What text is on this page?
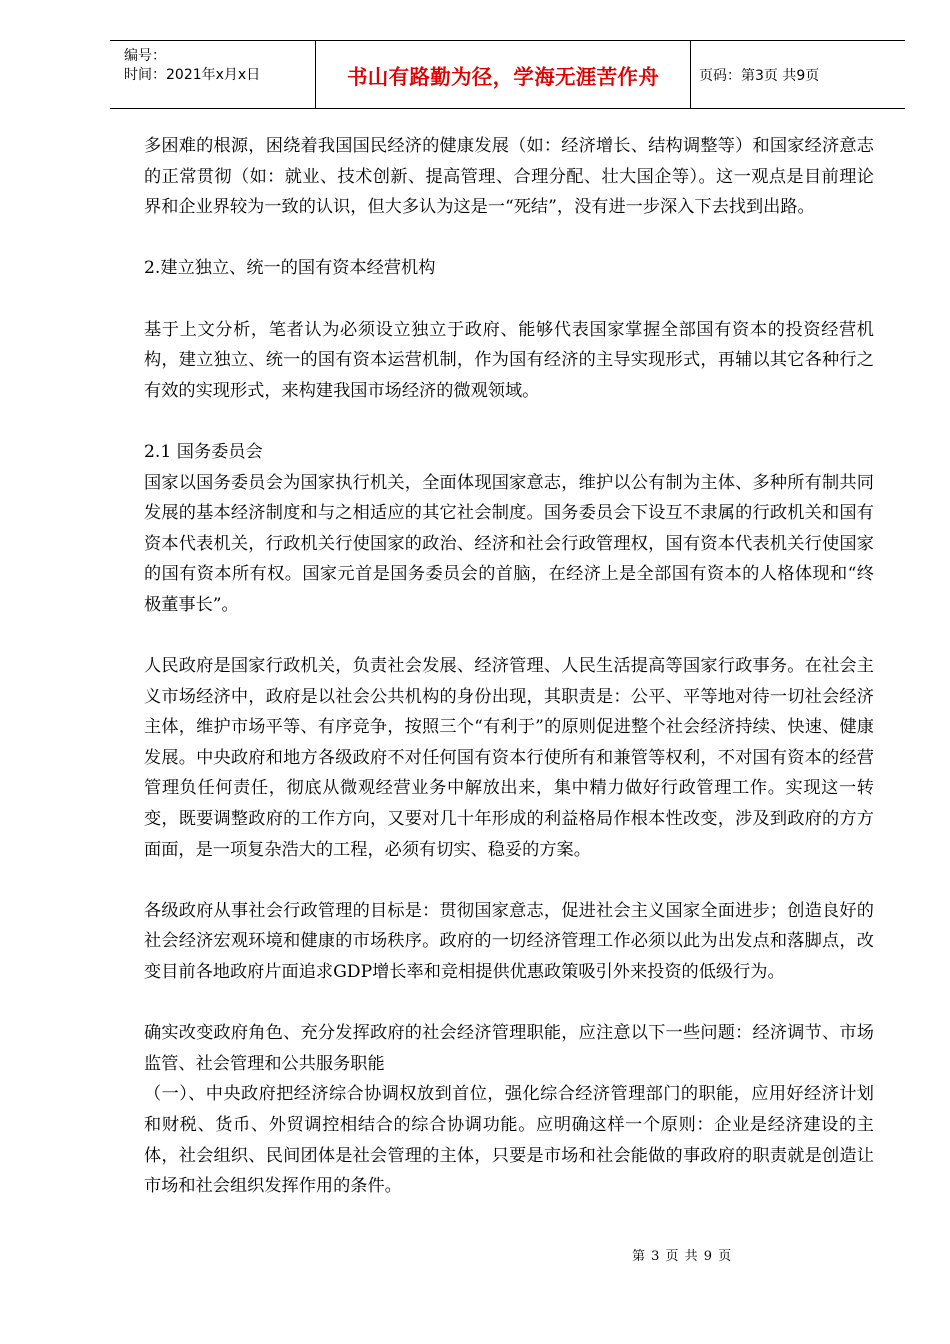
编号：
时间：2021年x月x日	书山有路勤为径，学海无涯苦作舟	页码：第3页 共9页

多困难的根源，困绕着我国国民经济的健康发展（如：经济增长、结构调整等）和国家经济意志的正常贯彻（如：就业、技术创新、提高管理、合理分配、壮大国企等）。这一观点是目前理论界和企业界较为一致的认识，但大多认为这是一“死结”，没有进一步深入下去找到出路。

2.建立独立、统一的国有资本经营机构

基于上文分析，笔者认为必须设立独立于政府、能够代表国家掌握全部国有资本的投资经营机构，建立独立、统一的国有资本运营机制，作为国有经济的主导实现形式，再辅以其它各种行之有效的实现形式，来构建我国市场经济的微观领域。

2.1 国务委员会

国家以国务委员会为国家执行机关，全面体现国家意志，维护以公有制为主体、多种所有制共同发展的基本经济制度和与之相适应的其它社会制度。国务委员会下设互不隶属的行政机关和国有资本代表机关，行政机关行使国家的政治、经济和社会行政管理权，国有资本代表机关行使国家的国有资本所有权。国家元首是国务委员会的首脑，在经济上是全部国有资本的人格体现和“终极董事长”。

人民政府是国家行政机关，负责社会发展、经济管理、人民生活提高等国家行政事务。在社会主义市场经济中，政府是以社会公共机构的身份出现，其职责是：公平、平等地对待一切社会经济主体，维护市场平等、有序竞争，按照三个“有利于”的原则促进整个社会经济持续、快速、健康发展。中央政府和地方各级政府不对任何国有资本行使所有和兼管等权利，不对国有资本的经营管理负任何责任，彻底从微观经营业务中解放出来，集中精力做好行政管理工作。实现这一转变，既要调整政府的工作方向，又要对几十年形成的利益格局作根本性改变，涉及到政府的方方面面，是一项复杂浩大的工程，必须有切实、稳妥的方案。

各级政府从事社会行政管理的目标是：贯彻国家意志，促进社会主义国家全面进步；创造良好的社会经济宏观环境和健康的市场秩序。政府的一切经济管理工作必须以此为出发点和落脚点，改变目前各地政府片面追求GDP增长率和竞相提供优惠政策吸引外来投资的低级行为。

确实改变政府角色、充分发挥政府的社会经济管理职能，应注意以下一些问题：经济调节、市场监管、社会管理和公共服务职能

（一）、中央政府把经济综合协调权放到首位，强化综合经济管理部门的职能，应用好经济计划和财税、货币、外贸调控相结合的综合协调功能。应明确这样一个原则：企业是经济建设的主体，社会组织、民间团体是社会管理的主体，只要是市场和社会能做的事政府的职责就是创造让市场和社会组织发挥作用的条件。

第 3 页 共 9 页
